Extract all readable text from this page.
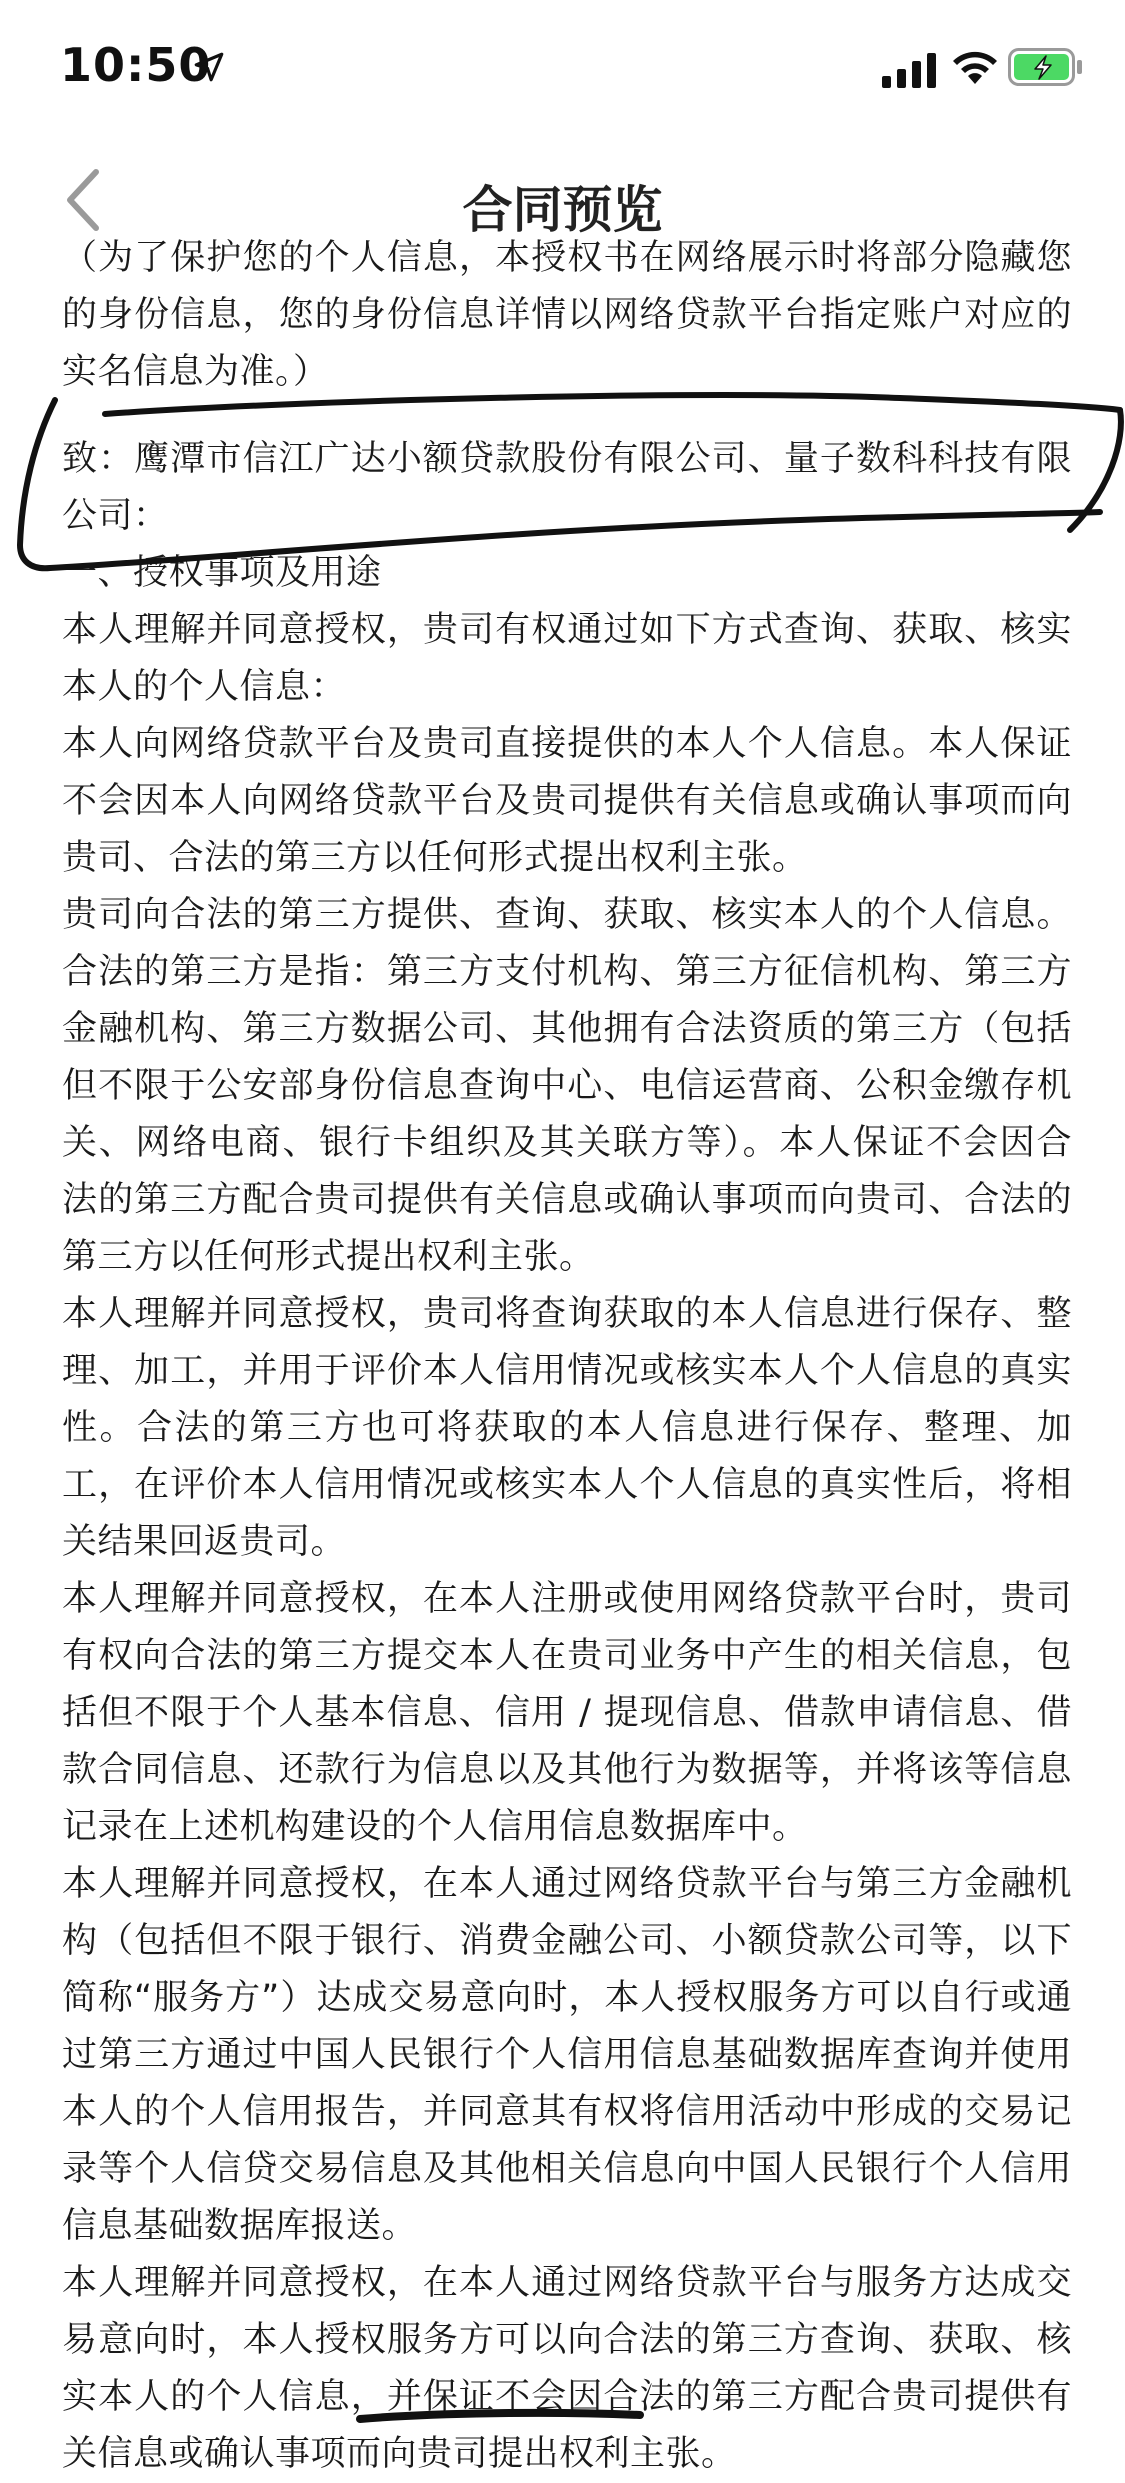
10:50
合同预览

（为了保护您的个人信息，本授权书在网络展示时将部分隐藏您的身份信息，您的身份信息详情以网络贷款平台指定账户对应的实名信息为准。）

致：鹰潭市信江广达小额贷款股份有限公司、量子数科科技有限公司：

一、授权事项及用途

本人理解并同意授权，贵司有权通过如下方式查询、获取、核实本人的个人信息：

本人向网络贷款平台及贵司直接提供的本人个人信息。本人保证不会因本人向网络贷款平台及贵司提供有关信息或确认事项而向贵司、合法的第三方以任何形式提出权利主张。

贵司向合法的第三方提供、查询、获取、核实本人的个人信息。合法的第三方是指：第三方支付机构、第三方征信机构、第三方金融机构、第三方数据公司、其他拥有合法资质的第三方（包括但不限于公安部身份信息查询中心、电信运营商、公积金缴存机关、网络电商、银行卡组织及其关联方等）。本人保证不会因合法的第三方配合贵司提供有关信息或确认事项而向贵司、合法的第三方以任何形式提出权利主张。

本人理解并同意授权，贵司将查询获取的本人信息进行保存、整理、加工，并用于评价本人信用情况或核实本人个人信息的真实性。合法的第三方也可将获取的本人信息进行保存、整理、加工，在评价本人信用情况或核实本人个人信息的真实性后，将相关结果回返贵司。

本人理解并同意授权，在本人注册或使用网络贷款平台时，贵司有权向合法的第三方提交本人在贵司业务中产生的相关信息，包括但不限于个人基本信息、信用 / 提现信息、借款申请信息、借款合同信息、还款行为信息以及其他行为数据等，并将该等信息记录在上述机构建设的个人信用信息数据库中。

本人理解并同意授权，在本人通过网络贷款平台与第三方金融机构（包括但不限于银行、消费金融公司、小额贷款公司等，以下简称“服务方”）达成交易意向时，本人授权服务方可以自行或通过第三方通过中国人民银行个人信用信息基础数据库查询并使用本人的个人信用报告，并同意其有权将信用活动中形成的交易记录等个人信贷交易信息及其他相关信息向中国人民银行个人信用信息基础数据库报送。

本人理解并同意授权，在本人通过网络贷款平台与服务方达成交易意向时，本人授权服务方可以向合法的第三方查询、获取、核实本人的个人信息，并保证不会因合法的第三方配合贵司提供有关信息或确认事项而向贵司提出权利主张。
